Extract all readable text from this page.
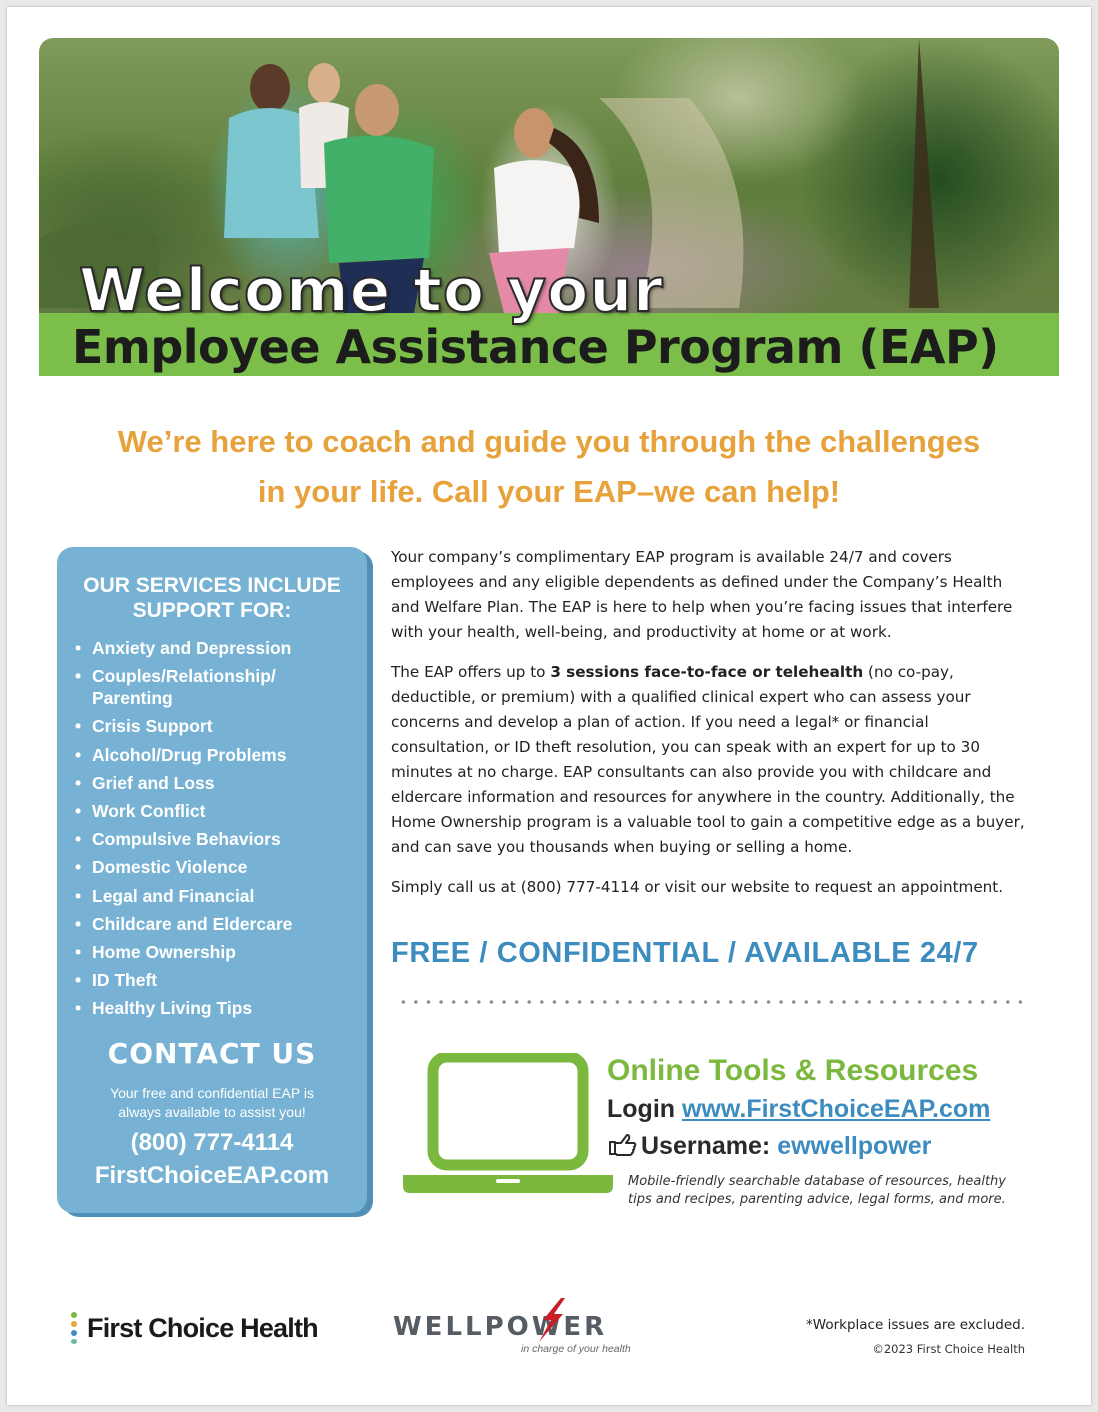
Welcome to your
Employee Assistance Program (EAP)
We’re here to coach and guide you through the challenges
in your life. Call your EAP–we can help!
OUR SERVICES INCLUDE
SUPPORT FOR:
• Anxiety and Depression
• Couples/Relationship/ Parenting
• Crisis Support
• Alcohol/Drug Problems
• Grief and Loss
• Work Conflict
• Compulsive Behaviors
• Domestic Violence
• Legal and Financial
• Childcare and Eldercare
• Home Ownership
• ID Theft
• Healthy Living Tips
CONTACT US
Your free and confidential EAP is always available to assist you!
(800) 777-4114
FirstChoiceEAP.com

Your company’s complimentary EAP program is available 24/7 and covers employees and any eligible dependents as defined under the Company’s Health and Welfare Plan. The EAP is here to help when you’re facing issues that interfere with your health, well-being, and productivity at home or at work.

The EAP offers up to 3 sessions face-to-face or telehealth (no co-pay, deductible, or premium) with a qualified clinical expert who can assess your concerns and develop a plan of action. If you need a legal* or financial consultation, or ID theft resolution, you can speak with an expert for up to 30 minutes at no charge. EAP consultants can also provide you with childcare and eldercare information and resources for anywhere in the country. Additionally, the Home Ownership program is a valuable tool to gain a competitive edge as a buyer, and can save you thousands when buying or selling a home.

Simply call us at (800) 777-4114 or visit our website to request an appointment.

FREE / CONFIDENTIAL / AVAILABLE 24/7
Online Tools & Resources
Login www.FirstChoiceEAP.com
Username: ewwellpower
Mobile-friendly searchable database of resources, healthy tips and recipes, parenting advice, legal forms, and more.
First Choice Health	WELLPOWER
in charge of your health
*Workplace issues are excluded.
©2023 First Choice Health
